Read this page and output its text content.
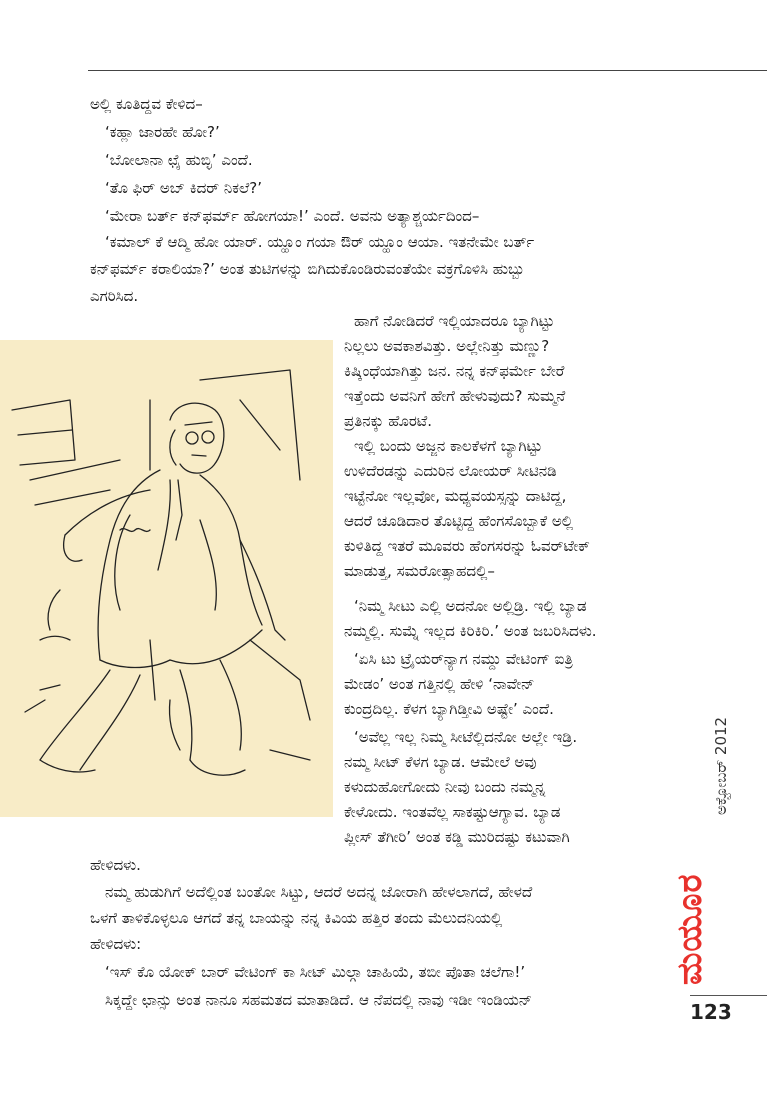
ಅಲ್ಲಿ ಕೂತಿದ್ದವ ಕೇಳಿದ–
‘ಕಹ್ಲಾ ಜಾರಹೇ ಹೋ?’
‘ಬೋಲಾನಾ ಛೈ ಹುಬ್ಳಿ’ ಎಂದೆ.
‘ತೊ ಫಿರ್ ಅಬ್ ಕಿದರ್ ನಿಕಲೆ?’
‘ಮೇರಾ ಬರ್ತ್ ಕನ್‌ಫರ್ಮ್ ಹೋಗಯಾ!’ ಎಂದೆ. ಅವನು ಅತ್ಯಾಶ್ಚರ್ಯದಿಂದ–
‘ಕಮಾಲ್ ಕೆ ಆದ್ಮಿ ಹೋ ಯಾರ್. ಯ್ಹೂಂ ಗಯಾ ಔರ್ ಯ್ಹೂಂ ಆಯಾ. ಇತನೇಮೇ ಬರ್ತ್
ಕನ್‌ಫರ್ಮ್ ಕರಾಲಿಯಾ?’ ಅಂತ ತುಟಿಗಳನ್ನು ಬಿಗಿದುಕೊಂಡಿರುವಂತೆಯೇ ವಕ್ರಗೊಳಿಸಿ ಹುಬ್ಬು
ಎಗರಿಸಿದ.
ಹಾಗೆ ನೋಡಿದರೆ ಇಲ್ಲಿಯಾದರೂ ಬ್ಯಾಗಿಟ್ಟು
ನಿಲ್ಲಲು ಅವಕಾಶವಿತ್ತು. ಅಲ್ಲೇನಿತ್ತು ಮಣ್ಣು?
ಕಿಷ್ಕಿಂಧೆಯಾಗಿತ್ತು ಜನ. ನನ್ನ ಕನ್‌ಫರ್ಮೇ ಬೇರೆ
ಇತ್ತೆಂದು ಅವನಿಗೆ ಹೇಗೆ ಹೇಳುವುದು? ಸುಮ್ಮನೆ
ಪ್ರತಿನಕ್ಕು ಹೊರಟೆ.
ಇಲ್ಲಿ ಬಂದು ಅಜ್ಜನ ಕಾಲಕೆಳಗೆ ಬ್ಯಾಗಿಟ್ಟು
ಉಳಿದೆರಡನ್ನು ಎದುರಿನ ಲೋಯರ್ ಸೀಟಿನಡಿ
ಇಟ್ಟೆನೋ ಇಲ್ಲವೋ, ಮಧ್ಯವಯಸ್ಸನ್ನು ದಾಟಿದ್ದ,
ಆದರೆ ಚೂಡಿದಾರ ತೊಟ್ಟಿದ್ದ ಹೆಂಗಸೊಬ್ಬಾಕೆ ಅಲ್ಲಿ
ಕುಳಿತಿದ್ದ ಇತರೆ ಮೂವರು ಹೆಂಗಸರನ್ನು ಓವರ್‌ಟೇಕ್
ಮಾಡುತ್ತ, ಸಮರೋತ್ಸಾಹದಲ್ಲಿ–
‘ನಿಮ್ಮ ಸೀಟು ಎಲ್ಲಿ ಅದನೋ ಅಲ್ಲಿಡ್ರಿ. ಇಲ್ಲಿ ಬ್ಯಾಡ
ನಮ್ಮಲ್ಲಿ. ಸುಮ್ನೆ ಇಲ್ಲದ ಕಿರಿಕಿರಿ.’ ಅಂತ ಜಬರಿಸಿದಳು.
‘ಏಸಿ ಟು ಟ್ರೈಯರ್‌ನ್ಯಾಗ ನಮ್ದು ವೇಟಿಂಗ್ ಐತ್ರಿ
ಮೇಡಂ’ ಅಂತ ಗತ್ತಿನಲ್ಲಿ ಹೇಳಿ ‘ನಾವೇನ್
ಕುಂದ್ರದಿಲ್ಲ. ಕೆಳಗ ಬ್ಯಾಗಿಡ್ತೀವಿ ಅಷ್ಟೇ’ ಎಂದೆ.
‘ಅವೆಲ್ಲ ಇಲ್ಲ ನಿಮ್ಮ ಸೀಟೆಲ್ಲಿದನೋ ಅಲ್ಲೇ ಇಡ್ರಿ.
ನಮ್ಮ ಸೀಟ್ ಕೆಳಗ ಬ್ಯಾಡ. ಆಮೇಲೆ ಅವು
ಕಳುದುಹೋಗೋದು ನೀವು ಬಂದು ನಮ್ಮನ್ನ
ಕೇಳೋದು. ಇಂತವೆಲ್ಲ ಸಾಕಷ್ಟುಆಗ್ಯಾವ. ಬ್ಯಾಡ
ಪ್ಲೀಸ್ ತೆಗೀರಿ’ ಅಂತ ಕಡ್ಡಿ ಮುರಿದಷ್ಟು ಕಟುವಾಗಿ
ಹೇಳಿದಳು.
ನಮ್ಮ ಹುಡುಗಿಗೆ ಅದೆಲ್ಲಿಂತ ಬಂತೋ ಸಿಟ್ಟು, ಆದರೆ ಅದನ್ನ ಜೋರಾಗಿ ಹೇಳಲಾಗದೆ, ಹೇಳದೆ
ಒಳಗೆ ತಾಳಿಕೊಳ್ಳಲೂ ಆಗದೆ ತನ್ನ ಬಾಯನ್ನು ನನ್ನ ಕಿವಿಯ ಹತ್ತಿರ ತಂದು ಮೆಲುದನಿಯಲ್ಲಿ
ಹೇಳಿದಳು:
‘ಇಸ್ ಕೊ ಯೋಕ್ ಬಾರ್ ವೇಟಿಂಗ್ ಕಾ ಸೀಟ್ ಮಿಲ್ಗಾ ಚಾಹಿಯೆ, ತಬೀ ಪೊತಾ ಚಲೆಗಾ!’
ಸಿಕ್ಕದ್ದೇ ಛಾನ್ಸು ಅಂತ ನಾನೂ ಸಹಮತದ ಮಾತಾಡಿದೆ. ಆ ನೆಪದಲ್ಲಿ ನಾವು ಇಡೀ ಇಂಡಿಯನ್
ಅಕ್ಟೋಬರ್ 2012
ಮಯೂರ
123
